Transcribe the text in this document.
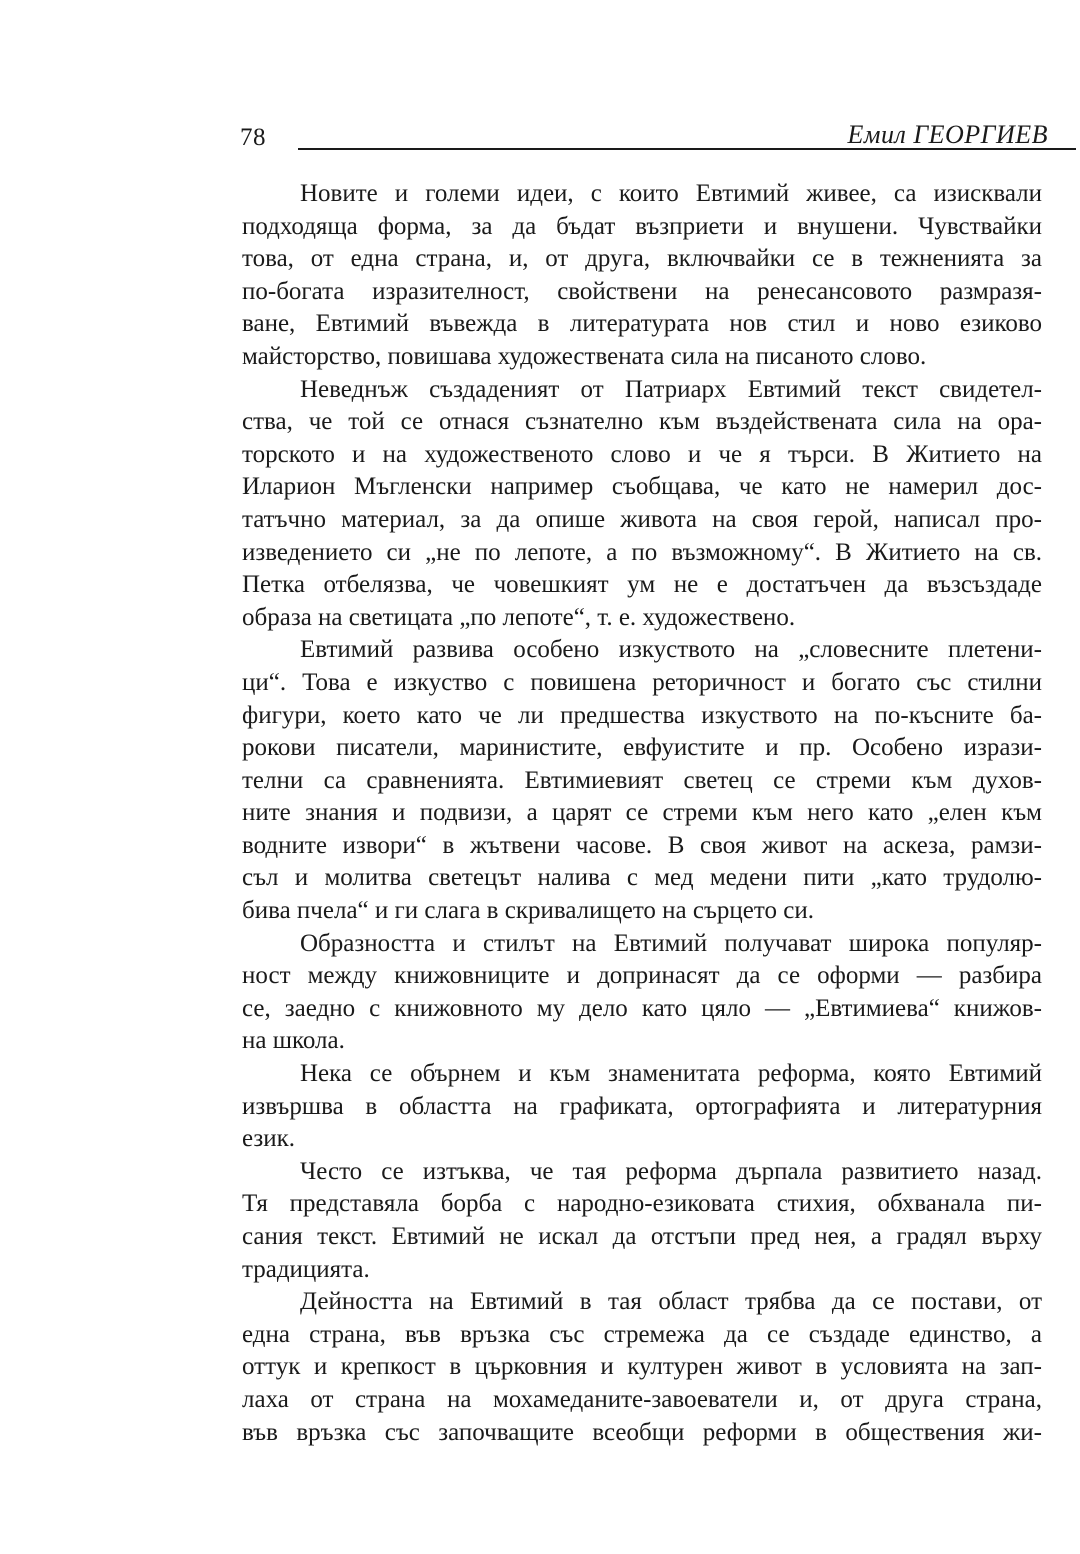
78	Емил ГЕОРГИЕВ
Новите и големи идеи, с които Евтимий живее, са изисквали
подходяща форма, за да бъдат възприети и внушени. Чувствайки
това, от една страна, и, от друга, включвайки се в тежненията за
по-богата изразителност, свойствени на ренесансовото размразя-
ване, Евтимий въвежда в литературата нов стил и ново езиково
майсторство, повишава художествената сила на писаното слово.
Неведнъж създаденият от Патриарх Евтимий текст свидетел-
ства, че той се отнася съзнателно към въздействената сила на ора-
торското и на художественото слово и че я търси. В Житието на
Иларион Мъгленски например съобщава, че като не намерил дос-
татъчно материал, за да опише живота на своя герой, написал про-
изведението си „не по лепоте, а по възможному“. В Житието на св.
Петка отбелязва, че човешкият ум не е достатъчен да възсъздаде
образа на светицата „по лепоте“, т. е. художествено.
Евтимий развива особено изкуството на „словесните плетени-
ци“. Това е изкуство с повишена реторичност и богато със стилни
фигури, което като че ли предшества изкуството на по-късните ба-
рокови писатели, маринистите, евфуистите и пр. Особено изрази-
телни са сравненията. Евтимиевият светец се стреми към духов-
ните знания и подвизи, а царят се стреми към него като „елен към
водните извори“ в жътвени часове. В своя живот на аскеза, рамзи-
съл и молитва светецът налива с мед медени пити „като трудолю-
бива пчела“ и ги слага в скривалището на сърцето си.
Образността и стилът на Евтимий получават широка популяр-
ност между книжовниците и допринасят да се оформи — разбира
се, заедно с книжовното му дело като цяло — „Евтимиева“ книжов-
на школа.
Нека се обърнем и към знаменитата реформа, която Евтимий
извършва в областта на графиката, ортографията и литературния
език.
Често се изтъква, че тая реформа дърпала развитието назад.
Тя представяла борба с народно-езиковата стихия, обхванала пи-
сания текст. Евтимий не искал да отстъпи пред нея, а градял върху
традицията.
Дейността на Евтимий в тая област трябва да се постави, от
една страна, във връзка със стремежа да се създаде единство, а
оттук и крепкост в църковния и културен живот в условията на зап-
лаха от страна на мохамеданите-завоеватели и, от друга страна,
във връзка със започващите всеобщи реформи в обществения жи-
